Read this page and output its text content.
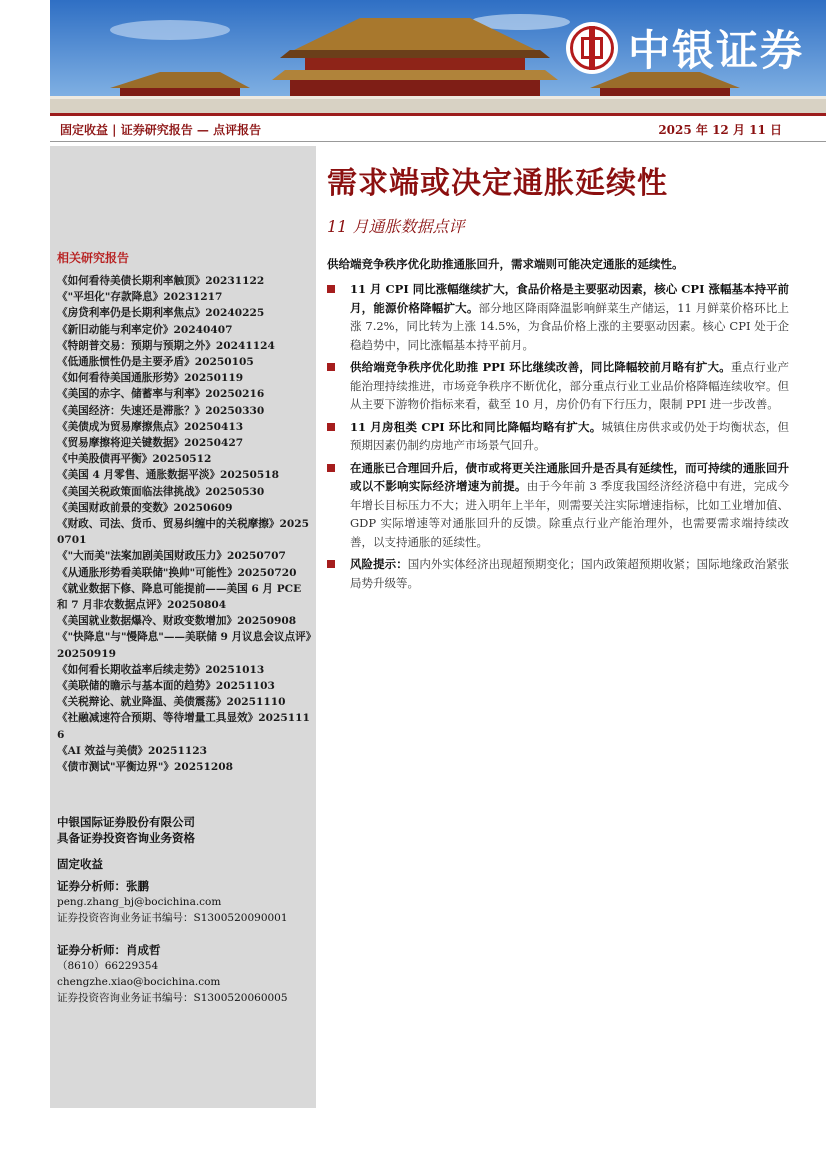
中银证券
固定收益 | 证券研究报告 — 点评报告	2025 年 12 月 11 日
相关研究报告
《如何看待美债长期利率触顶》20231122
《"平坦化"存款降息》20231217
《房贷利率仍是长期利率焦点》20240225
《新旧动能与利率定价》20240407
《特朗普交易：预期与预期之外》20241124
《低通胀惯性仍是主要矛盾》20250105
《如何看待美国通胀形势》20250119
《美国的赤字、储蓄率与利率》20250216
《美国经济：失速还是滞胀？》20250330
《美债成为贸易摩擦焦点》20250413
《贸易摩擦将迎关键数据》20250427
《中美股债再平衡》20250512
《美国 4 月零售、通胀数据平淡》20250518
《美国关税政策面临法律挑战》20250530
《美国财政前景的变数》20250609
《财政、司法、货币、贸易纠缠中的关税摩擦》20250701
《"大而美"法案加剧美国财政压力》20250707
《从通胀形势看美联储"换帅"可能性》20250720
《就业数据下修、降息可能提前——美国 6 月 PCE 和 7 月非农数据点评》20250804
《美国就业数据爆冷、财政变数增加》20250908
《"快降息"与"慢降息"——美联储 9 月议息会议点评》20250919
《如何看长期收益率后续走势》20251013
《美联储的瞻示与基本面的趋势》20251103
《关税辩论、就业降温、美债震荡》20251110
《社融减速符合预期、等待增量工具显效》20251116
《AI 效益与美债》20251123
《债市测试"平衡边界"》20251208
中银国际证券股份有限公司
具备证券投资咨询业务资格
固定收益
证券分析师：张鹏
peng.zhang_bj@bocichina.com
证券投资咨询业务证书编号：S1300520090001
证券分析师：肖成哲
（8610）66229354
chengzhe.xiao@bocichina.com
证券投资咨询业务证书编号：S1300520060005
需求端或决定通胀延续性
11 月通胀数据点评
供给端竞争秩序优化助推通胀回升，需求端则可能决定通胀的延续性。
11 月 CPI 同比涨幅继续扩大，食品价格是主要驱动因素，核心 CPI 涨幅基本持平前月，能源价格降幅扩大。部分地区降雨降温影响鲜菜生产储运，11 月鲜菜价格环比上涨 7.2%，同比转为上涨 14.5%，为食品价格上涨的主要驱动因素。核心 CPI 处于企稳趋势中，同比涨幅基本持平前月。
供给端竞争秩序优化助推 PPI 环比继续改善，同比降幅较前月略有扩大。重点行业产能治理持续推进，市场竞争秩序不断优化，部分重点行业工业品价格降幅连续收窄。但从主要下游物价指标来看，截至 10 月，房价仍有下行压力，限制 PPI 进一步改善。
11 月房租类 CPI 环比和同比降幅均略有扩大。城镇住房供求或仍处于均衡状态，但预期因素仍制约房地产市场景气回升。
在通胀已合理回升后，债市或将更关注通胀回升是否具有延续性，而可持续的通胀回升或以不影响实际经济增速为前提。由于今年前 3 季度我国经济经济稳中有进，完成今年增长目标压力不大；进入明年上半年，则需要关注实际增速指标，比如工业增加值、GDP 实际增速等对通胀回升的反馈。除重点行业产能治理外，也需要需求端持续改善，以支持通胀的延续性。
风险提示：国内外实体经济出现超预期变化；国内政策超预期收紧；国际地缘政治紧张局势升级等。
